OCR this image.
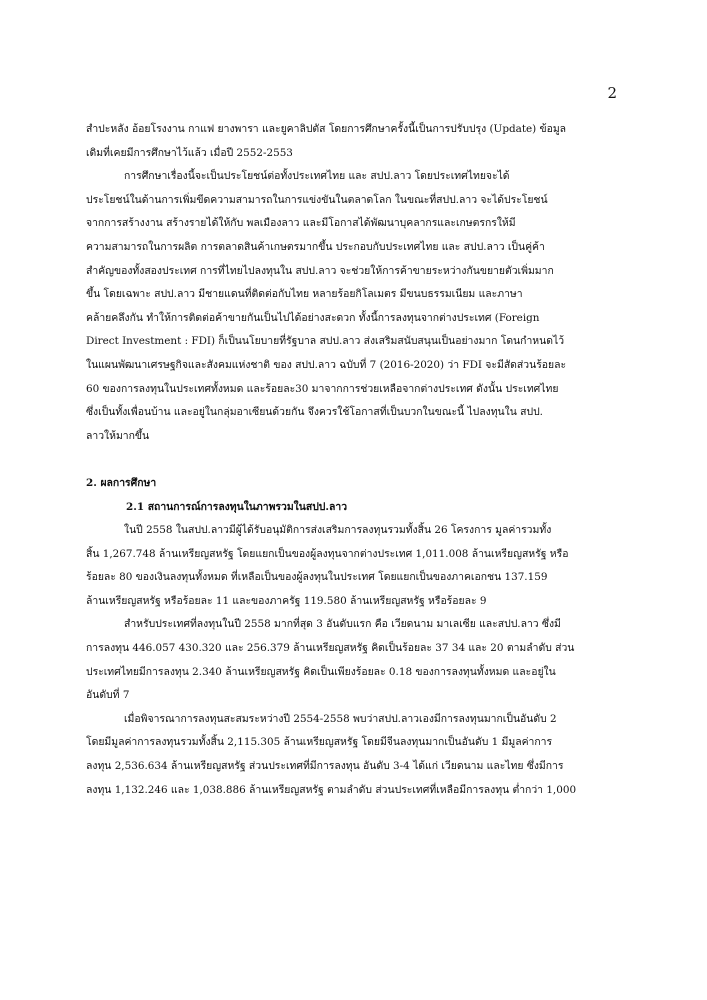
2
สำปะหลัง อ้อยโรงงาน กาแฟ ยางพารา และยูคาลิปตัส โดยการศึกษาครั้งนี้เป็นการปรับปรุง (Update) ข้อมูล
เดิมที่เคยมีการศึกษาไว้แล้ว เมื่อปี 2552-2553
การศึกษาเรื่องนี้จะเป็นประโยชน์ต่อทั้งประเทศไทย และ สปป.ลาว โดยประเทศไทยจะได้
ประโยชน์ในด้านการเพิ่มขีดความสามารถในการแข่งขันในตลาดโลก ในขณะที่สปป.ลาว จะได้ประโยชน์
จากการสร้างงาน สร้างรายได้ให้กับ พลเมืองลาว และมีโอกาสได้พัฒนาบุคลากรและเกษตรกรให้มี
ความสามารถในการผลิต การตลาดสินค้าเกษตรมากขึ้น ประกอบกับประเทศไทย และ สปป.ลาว เป็นคู่ค้า
สำคัญของทั้งสองประเทศ การที่ไทยไปลงทุนใน สปป.ลาว จะช่วยให้การค้าขายระหว่างกันขยายตัวเพิ่มมาก
ขึ้น โดยเฉพาะ สปป.ลาว มีชายแดนที่ติดต่อกับไทย หลายร้อยกิโลเมตร มีขนบธรรมเนียม และภาษา
คล้ายคลึงกัน ทำให้การติดต่อค้าขายกันเป็นไปได้อย่างสะดวก ทั้งนี้การลงทุนจากต่างประเทศ (Foreign
Direct Investment : FDI) ก็เป็นนโยบายที่รัฐบาล สปป.ลาว ส่งเสริมสนับสนุนเป็นอย่างมาก โดนกำหนดไว้
ในแผนพัฒนาเศรษฐกิจและสังคมแห่งชาติ ของ สปป.ลาว ฉบับที่ 7 (2016-2020) ว่า FDI จะมีสัดส่วนร้อยละ
60 ของการลงทุนในประเทศทั้งหมด และร้อยละ30 มาจากการช่วยเหลือจากต่างประเทศ ดังนั้น ประเทศไทย
ซึ่งเป็นทั้งเพื่อนบ้าน และอยู่ในกลุ่มอาเซียนด้วยกัน จึงควรใช้โอกาสที่เป็นบวกในขณะนี้ ไปลงทุนใน สปป.
ลาวให้มากขึ้น
2. ผลการศึกษา
2.1 สถานการณ์การลงทุนในภาพรวมในสปป.ลาว
ในปี 2558 ในสปป.ลาวมีผู้ได้รับอนุมัติการส่งเสริมการลงทุนรวมทั้งสิ้น 26 โครงการ มูลค่ารวมทั้ง
สิ้น 1,267.748 ล้านเหรียญสหรัฐ โดยแยกเป็นของผู้ลงทุนจากต่างประเทศ 1,011.008 ล้านเหรียญสหรัฐ หรือ
ร้อยละ 80 ของเงินลงทุนทั้งหมด ที่เหลือเป็นของผู้ลงทุนในประเทศ โดยแยกเป็นของภาคเอกชน 137.159
ล้านเหรียญสหรัฐ หรือร้อยละ 11 และของภาครัฐ 119.580 ล้านเหรียญสหรัฐ หรือร้อยละ 9
สำหรับประเทศที่ลงทุนในปี 2558 มากที่สุด 3 อันดับแรก คือ เวียดนาม มาเลเซีย และสปป.ลาว ซึ่งมี
การลงทุน 446.057 430.320 และ 256.379 ล้านเหรียญสหรัฐ คิดเป็นร้อยละ 37 34 และ 20 ตามลำดับ ส่วน
ประเทศไทยมีการลงทุน 2.340 ล้านเหรียญสหรัฐ คิดเป็นเพียงร้อยละ 0.18 ของการลงทุนทั้งหมด และอยู่ใน
อันดับที่ 7
เมื่อพิจารณาการลงทุนสะสมระหว่างปี 2554-2558 พบว่าสปป.ลาวเองมีการลงทุนมากเป็นอันดับ 2
โดยมีมูลค่าการลงทุนรวมทั้งสิ้น 2,115.305 ล้านเหรียญสหรัฐ โดยมีจีนลงทุนมากเป็นอันดับ 1 มีมูลค่าการ
ลงทุน 2,536.634 ล้านเหรียญสหรัฐ ส่วนประเทศที่มีการลงทุน อันดับ 3-4 ได้แก่ เวียดนาม และไทย ซึ่งมีการ
ลงทุน 1,132.246 และ 1,038.886 ล้านเหรียญสหรัฐ ตามลำดับ ส่วนประเทศที่เหลือมีการลงทุน ต่ำกว่า 1,000
